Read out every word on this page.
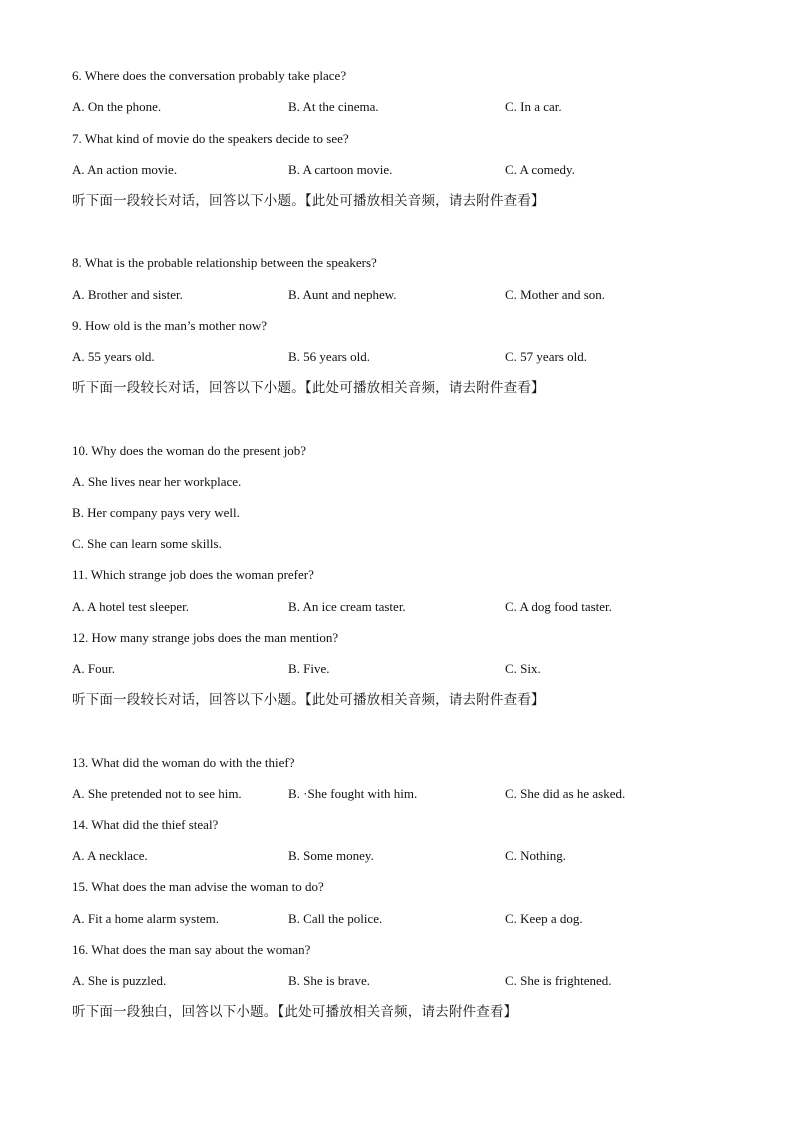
6. Where does the conversation probably take place?
A. On the phone.	B. At the cinema.	C. In a car.
7. What kind of movie do the speakers decide to see?
A. An action movie.	B. A cartoon movie.	C. A comedy.
听下面一段较长对话，回答以下小题。【此处可播放相关音频，请去附件查看】
8. What is the probable relationship between the speakers?
A. Brother and sister.	B. Aunt and nephew.	C. Mother and son.
9. How old is the man’s mother now?
A. 55 years old.	B. 56 years old.	C. 57 years old.
听下面一段较长对话，回答以下小题。【此处可播放相关音频，请去附件查看】
10. Why does the woman do the present job?
A. She lives near her workplace.
B. Her company pays very well.
C. She can learn some skills.
11. Which strange job does the woman prefer?
A. A hotel test sleeper.	B. An ice cream taster.	C. A dog food taster.
12. How many strange jobs does the man mention?
A. Four.	B. Five.	C. Six.
听下面一段较长对话，回答以下小题。【此处可播放相关音频，请去附件查看】
13. What did the woman do with the thief?
A. She pretended not to see him.	B. ·She fought with him.	C. She did as he asked.
14. What did the thief steal?
A. A necklace.	B. Some money.	C. Nothing.
15. What does the man advise the woman to do?
A. Fit a home alarm system.	B. Call the police.	C. Keep a dog.
16. What does the man say about the woman?
A. She is puzzled.	B. She is brave.	C. She is frightened.
听下面一段独白，回答以下小题。【此处可播放相关音频，请去附件查看】
